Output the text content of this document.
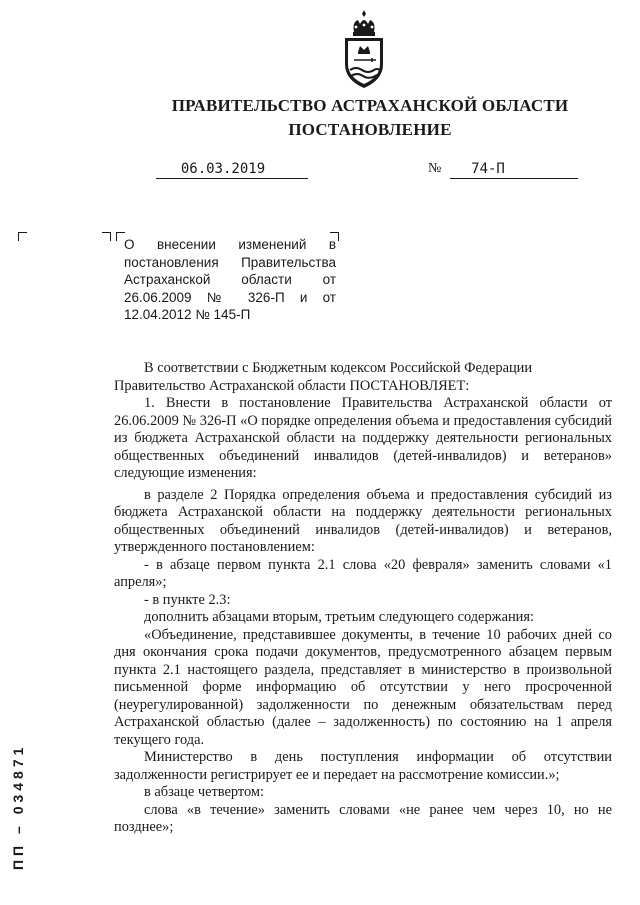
ПРАВИТЕЛЬСТВО АСТРАХАНСКОЙ ОБЛАСТИ
ПОСТАНОВЛЕНИЕ
06.03.2019	№	74-П
О внесении изменений в постановления Правительства Астраханской области от 26.06.2009 № 326-П и от 12.04.2012 № 145-П

В соответствии с Бюджетным кодексом Российской Федерации

Правительство Астраханской области ПОСТАНОВЛЯЕТ:

1. Внести в постановление Правительства Астраханской области от 26.06.2009 № 326-П «О порядке определения объема и предоставления субсидий из бюджета Астраханской области на поддержку деятельности региональных общественных объединений инвалидов (детей-инвалидов) и ветеранов» следующие изменения:

в разделе 2 Порядка определения объема и предоставления субсидий из бюджета Астраханской области на поддержку деятельности региональных общественных объединений инвалидов (детей-инвалидов) и ветеранов, утвержденного постановлением:

- в абзаце первом пункта 2.1 слова «20 февраля» заменить словами «1 апреля»;

- в пункте 2.3:

дополнить абзацами вторым, третьим следующего содержания:

«Объединение, представившее документы, в течение 10 рабочих дней со дня окончания срока подачи документов, предусмотренного абзацем первым пункта 2.1 настоящего раздела, представляет в министерство в произвольной письменной форме информацию об отсутствии у него просроченной (неурегулированной) задолженности по денежным обязательствам перед Астраханской областью (далее – задолженность) по состоянию на 1 апреля текущего года.

Министерство в день поступления информации об отсутствии задолженности регистрирует ее и передает на рассмотрение комиссии.»;

в абзаце четвертом:

слова «в течение» заменить словами «не ранее чем через 10, но не позднее»;

ПП – 034871
